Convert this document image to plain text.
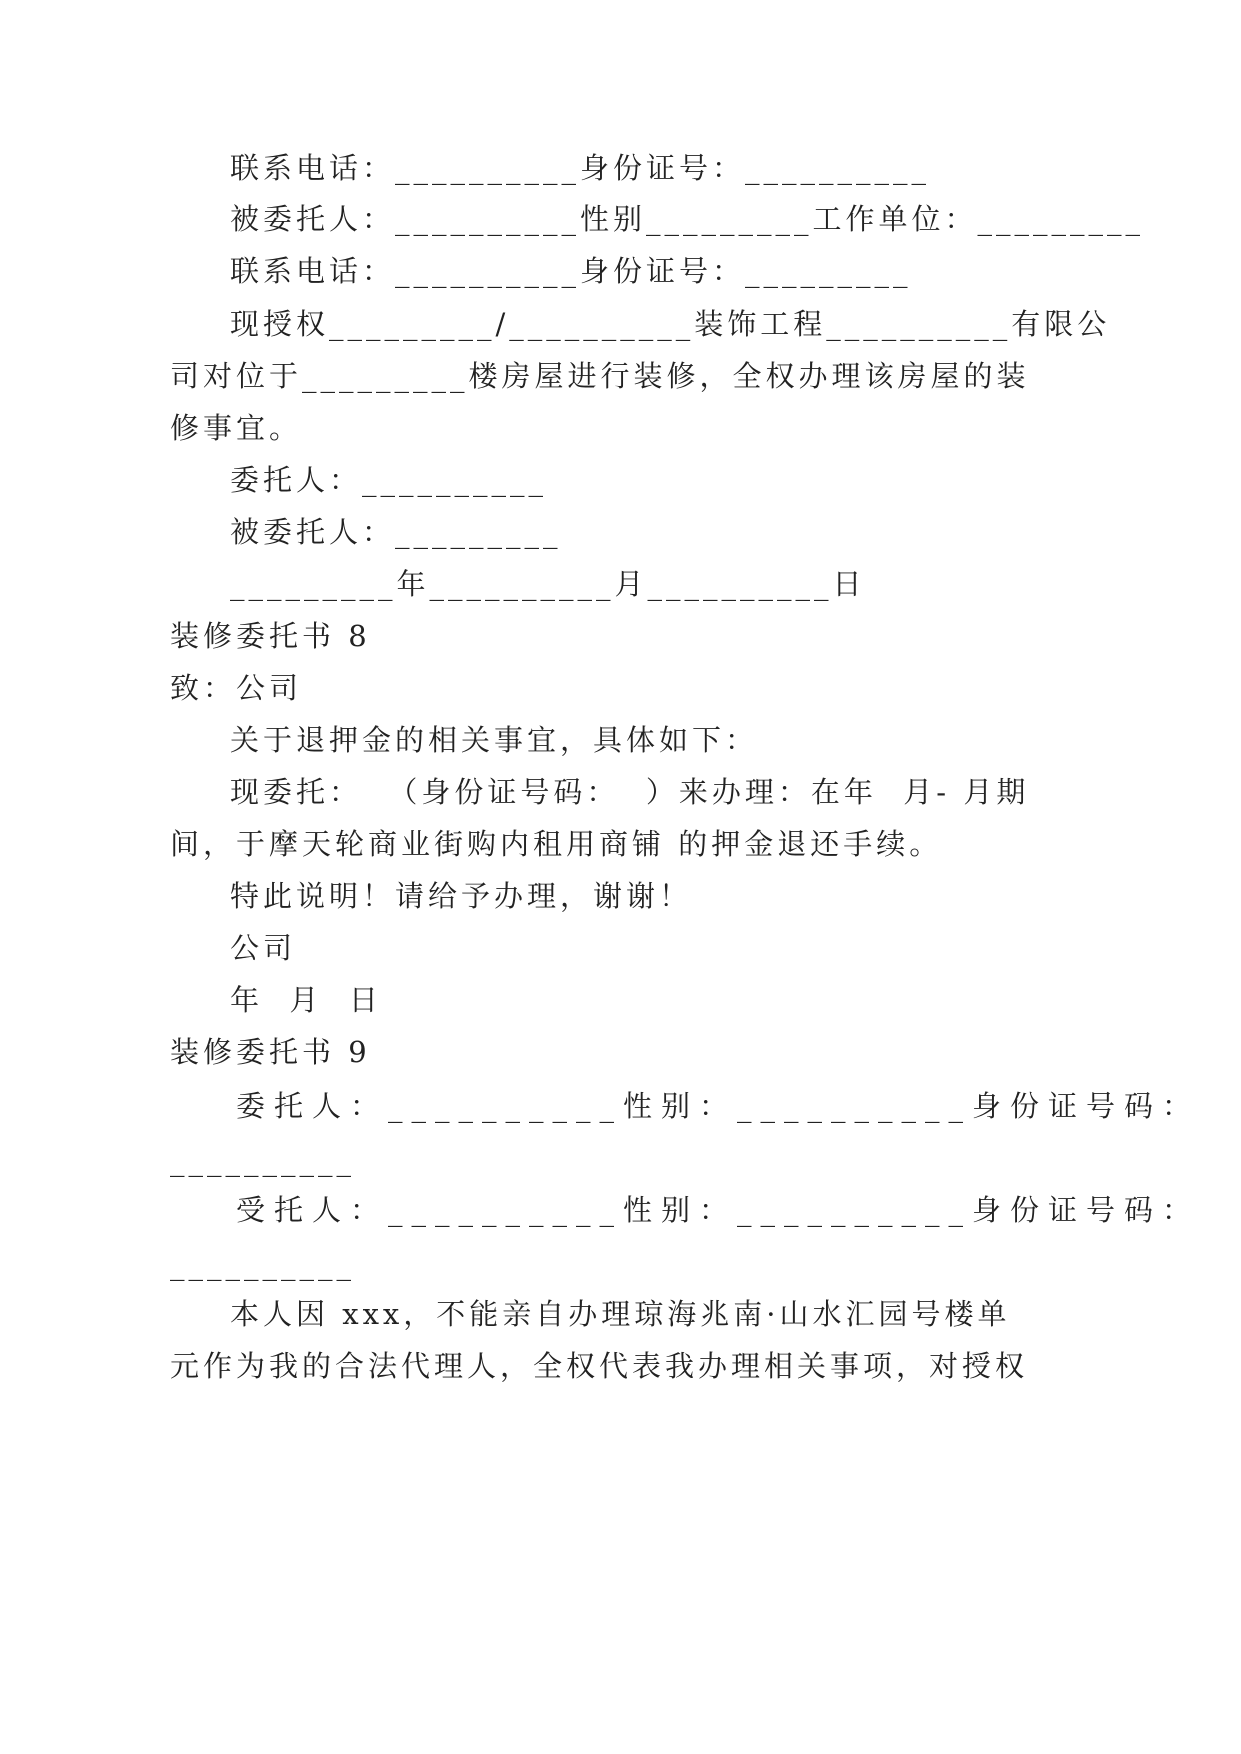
联系电话：__________身份证号：__________
被委托人：__________性别_________工作单位：_________
联系电话：__________身份证号：_________
现授权_________/__________装饰工程__________有限公
司对位于_________楼房屋进行装修，全权办理该房屋的装
修事宜。
委托人：__________
被委托人：_________
_________年__________月__________日
装修委托书 8
致：公司
关于退押金的相关事宜，具体如下：
现委托：  （身份证号码：  ）来办理：在年  月- 月期
间，于摩天轮商业街购内租用商铺 的押金退还手续。
特此说明！请给予办理，谢谢！
公司
年  月  日
装修委托书 9
委托人：__________性别：__________身份证号码：
__________
受托人：__________性别：__________身份证号码：
__________
本人因 xxx，不能亲自办理琼海兆南·山水汇园号楼单
元作为我的合法代理人，全权代表我办理相关事项，对授权
